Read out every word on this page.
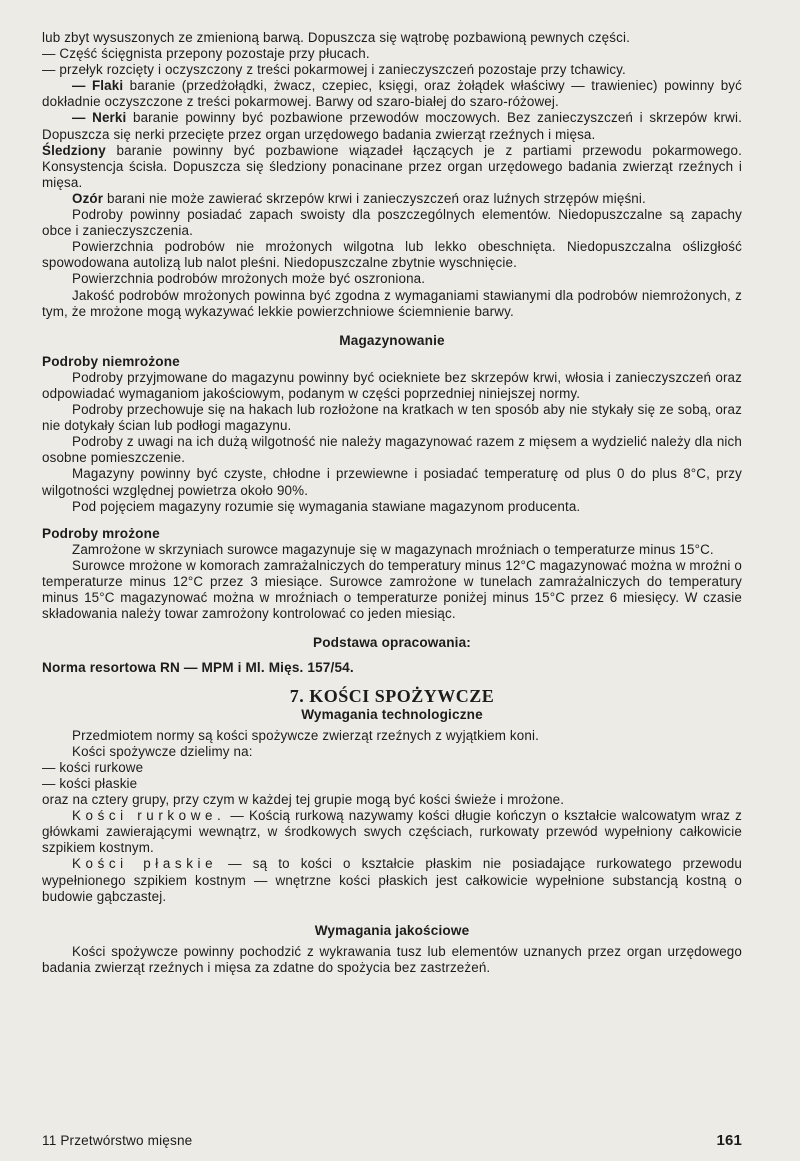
lub zbyt wysuszonych ze zmienioną barwą. Dopuszcza się wątrobę pozbawioną pewnych części.

— Część ścięgnista przepony pozostaje przy płucach.

— przełyk rozcięty i oczyszczony z treści pokarmowej i zanieczyszczeń pozostaje przy tchawicy.

— Flaki baranie (przedżołądki, żwacz, czepiec, księgi, oraz żołądek właściwy — trawieniec) powinny być dokładnie oczyszczone z treści pokarmowej. Barwy od szaro-białej do szaro-różowej.

— Nerki baranie powinny być pozbawione przewodów moczowych. Bez zanieczyszczeń i skrzepów krwi. Dopuszcza się nerki przecięte przez organ urzędowego badania zwierząt rzeźnych i mięsa.

Śledziony baranie powinny być pozbawione wiązadeł łączących je z partiami przewodu pokarmowego. Konsystencja ścisła. Dopuszcza się śledziony ponacinane przez organ urzędowego badania zwierząt rzeźnych i mięsa.

Ozór barani nie może zawierać skrzepów krwi i zanieczyszczeń oraz luźnych strzępów mięśni.

Podroby powinny posiadać zapach swoisty dla poszczególnych elementów. Niedopuszczalne są zapachy obce i zanieczyszczenia.

Powierzchnia podrobów nie mrożonych wilgotna lub lekko obeschnięta. Niedopuszczalna oślizgłość spowodowana autolizą lub nalot pleśni. Niedopuszczalne zbytnie wyschnięcie.

Powierzchnia podrobów mrożonych może być oszroniona.

Jakość podrobów mrożonych powinna być zgodna z wymaganiami stawianymi dla podrobów niemrożonych, z tym, że mrożone mogą wykazywać lekkie powierzchniowe ściemnienie barwy.

Magazynowanie
Podroby niemrożone

Podroby przyjmowane do magazynu powinny być ociekniete bez skrzepów krwi, włosia i zanieczyszczeń oraz odpowiadać wymaganiom jakościowym, podanym w części poprzedniej niniejszej normy.

Podroby przechowuje się na hakach lub rozłożone na kratkach w ten sposób aby nie stykały się ze sobą, oraz nie dotykały ścian lub podłogi magazynu.

Podroby z uwagi na ich dużą wilgotność nie należy magazynować razem z mięsem a wydzielić należy dla nich osobne pomieszczenie.

Magazyny powinny być czyste, chłodne i przewiewne i posiadać temperaturę od plus 0 do plus 8°C, przy wilgotności względnej powietrza około 90%.

Pod pojęciem magazyny rozumie się wymagania stawiane magazynom producenta.

Podroby mrożone

Zamrożone w skrzyniach surowce magazynuje się w magazynach mroźniach o temperaturze minus 15°C.

Surowce mrożone w komorach zamrażalniczych do temperatury minus 12°C magazynować można w mroźni o temperaturze minus 12°C przez 3 miesiące. Surowce zamrożone w tunelach zamrażalniczych do temperatury minus 15°C magazynować można w mroźniach o temperaturze poniżej minus 15°C przez 6 miesięcy. W czasie składowania należy towar zamrożony kontrolować co jeden miesiąc.

Podstawa opracowania:
Norma resortowa RN — MPM i Ml. Mięs. 157/54.
7. KOŚCI SPOŻYWCZE
Wymagania technologiczne

Przedmiotem normy są kości spożywcze zwierząt rzeźnych z wyjątkiem koni.

Kości spożywcze dzielimy na:

— kości rurkowe

— kości płaskie

oraz na cztery grupy, przy czym w każdej tej grupie mogą być kości świeże i mrożone.

Kości rurkowe. — Kością rurkową nazywamy kości długie kończyn o kształcie walcowatym wraz z główkami zawierającymi wewnątrz, w środkowych swych częściach, rurkowaty przewód wypełniony całkowicie szpikiem kostnym.

Kości płaskie — są to kości o kształcie płaskim nie posiadające rurkowatego przewodu wypełnionego szpikiem kostnym — wnętrzne kości płaskich jest całkowicie wypełnione substancją kostną o budowie gąbczastej.

Wymagania jakościowe

Kości spożywcze powinny pochodzić z wykrawania tusz lub elementów uznanych przez organ urzędowego badania zwierząt rzeźnych i mięsa za zdatne do spożycia bez zastrzeżeń.

11 Przetwórstwo mięsne	161
